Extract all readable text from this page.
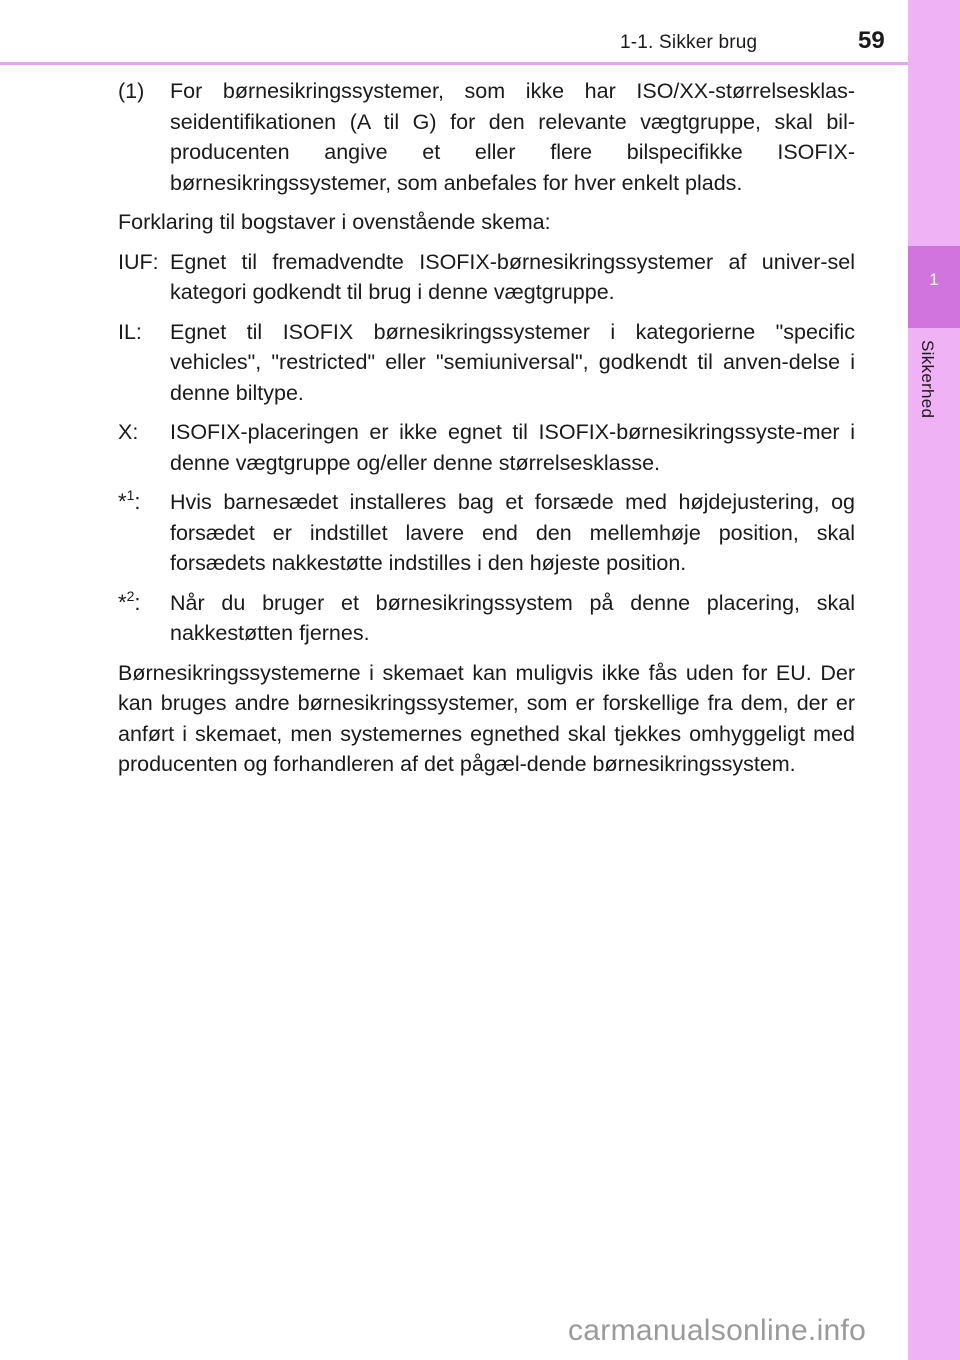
1-1. Sikker brug	59
1
Sikkerhed
(1)	For børnesikringssystemer, som ikke har ISO/XX-størrelsesklas-seidentifikationen (A til G) for den relevante vægtgruppe, skal bil-producenten angive et eller flere bilspecifikke ISOFIX-børnesikringssystemer, som anbefales for hver enkelt plads.

Forklaring til bogstaver i ovenstående skema:

IUF: Egnet til fremadvendte ISOFIX-børnesikringssystemer af univer-sel kategori godkendt til brug i denne vægtgruppe.
IL:	Egnet til ISOFIX børnesikringssystemer i kategorierne "specific vehicles", "restricted" eller "semiuniversal", godkendt til anven-delse i denne biltype.
X:	ISOFIX-placeringen er ikke egnet til ISOFIX-børnesikringssyste-mer i denne vægtgruppe og/eller denne størrelsesklasse.
*$^1$:	Hvis barnesædet installeres bag et forsæde med højdejustering, og forsædet er indstillet lavere end den mellemhøje position, skal forsædets nakkestøtte indstilles i den højeste position.
*$^2$:	Når du bruger et børnesikringssystem på denne placering, skal nakkestøtten fjernes.

Børnesikringssystemerne i skemaet kan muligvis ikke fås uden for EU. Der kan bruges andre børnesikringssystemer, som er forskellige fra dem, der er anført i skemaet, men systemernes egnethed skal tjekkes omhyggeligt med producenten og forhandleren af det pågæl-dende børnesikringssystem.

carmanualsonline.info
